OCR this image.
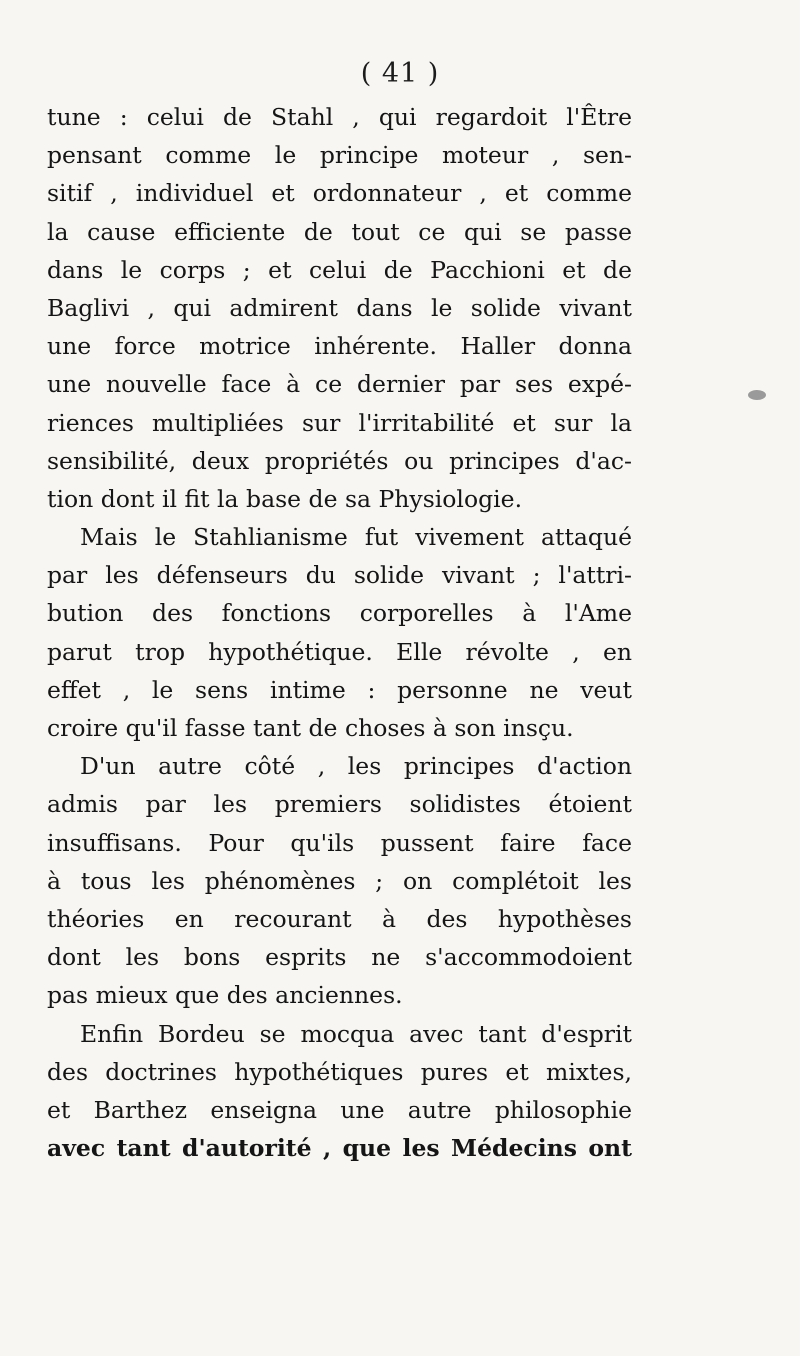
( 41 )
tune : celui de Stahl , qui regardoit l'Être
pensant comme le principe moteur , sen-
sitif , individuel et ordonnateur , et comme
la cause efficiente de tout ce qui se passe
dans le corps ; et celui de Pacchioni et de
Baglivi , qui admirent dans le solide vivant
une force motrice inhérente. Haller donna
une nouvelle face à ce dernier par ses expé-
riences multipliées sur l'irritabilité et sur la
sensibilité, deux propriétés ou principes d'ac-
tion dont il fit la base de sa Physiologie.
Mais le Stahlianisme fut vivement attaqué
par les défenseurs du solide vivant ; l'attri-
bution des fonctions corporelles à l'Ame
parut trop hypothétique. Elle révolte , en
effet , le sens intime : personne ne veut
croire qu'il fasse tant de choses à son insçu.
D'un autre côté , les principes d'action
admis par les premiers solidistes étoient
insuffisans. Pour qu'ils pussent faire face
à tous les phénomènes ; on complétoit les
théories en recourant à des hypothèses
dont les bons esprits ne s'accommodoient
pas mieux que des anciennes.
Enfin Bordeu se mocqua avec tant d'esprit
des doctrines hypothétiques pures et mixtes,
et Barthez enseigna une autre philosophie
avec tant d'autorité , que les Médecins ont
